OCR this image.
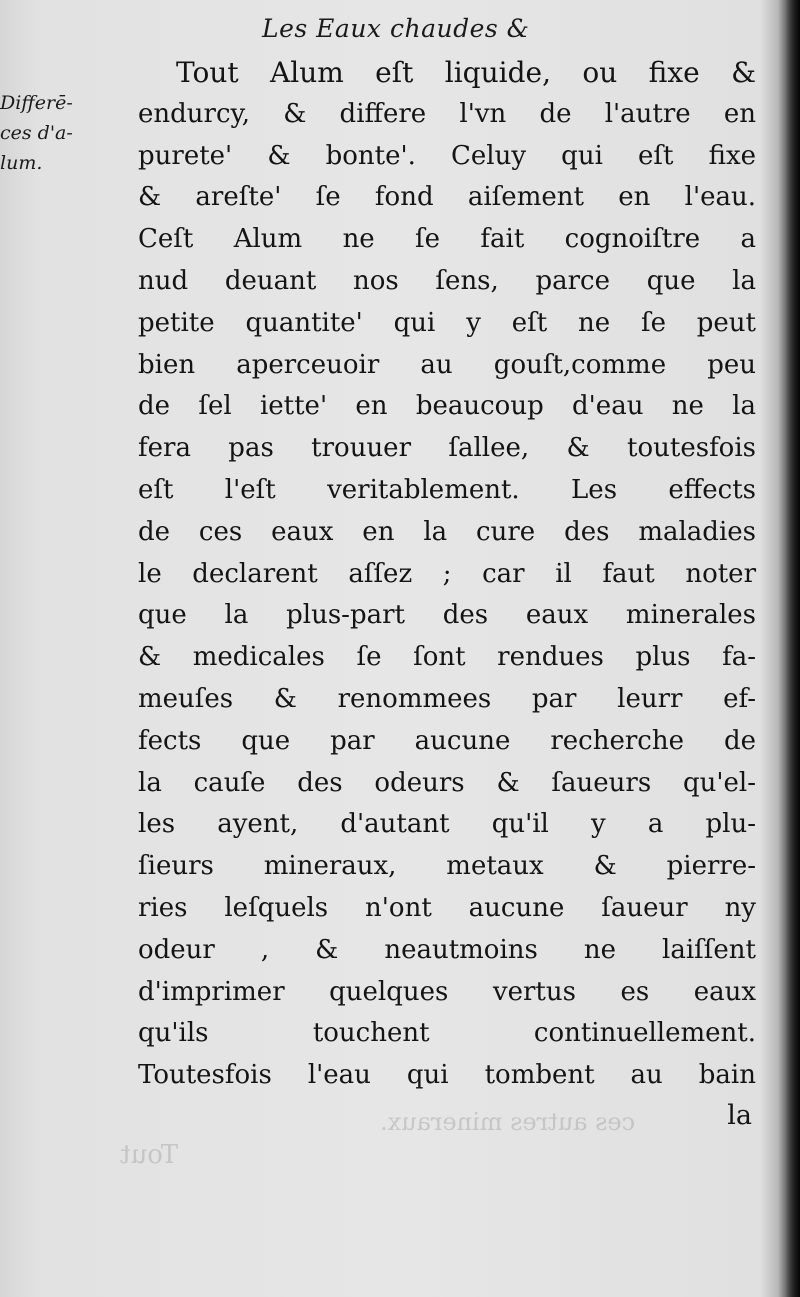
Les Eaux chaudes &
Differē-
ces d'a-
lum.
Tout Alum eſt liquide, ou fixe &
endurcy, & differe l'vn de l'autre en
purete' & bonte'. Celuy qui eſt fixe
& areſte' ſe fond aiſement en l'eau.
Ceſt Alum ne ſe fait cognoiſtre a
nud deuant nos ſens, parce que la
petite quantite' qui y eſt ne ſe peut
bien aperceuoir au gouſt,comme peu
de ſel iette' en beaucoup d'eau ne la
fera pas trouuer ſallee, & toutesfois
eſt l'eſt veritablement. Les effects
de ces eaux en la cure des maladies
le declarent aſſez ; car il faut noter
que la plus-part des eaux minerales
& medicales ſe ſont rendues plus fa-
meuſes & renommees par leurr ef-
fects que par aucune recherche de
la cauſe des odeurs & ſaueurs qu'el-
les ayent, d'autant qu'il y a plu-
ſieurs mineraux, metaux & pierre-
ries leſquels n'ont aucune ſaueur ny
odeur , & neautmoins ne laiſſent
d'imprimer quelques vertus es eaux
qu'ils touchent continuellement.
Toutesfois l'eau qui tombent au bain
la
ces autres mineraux.
Tout
